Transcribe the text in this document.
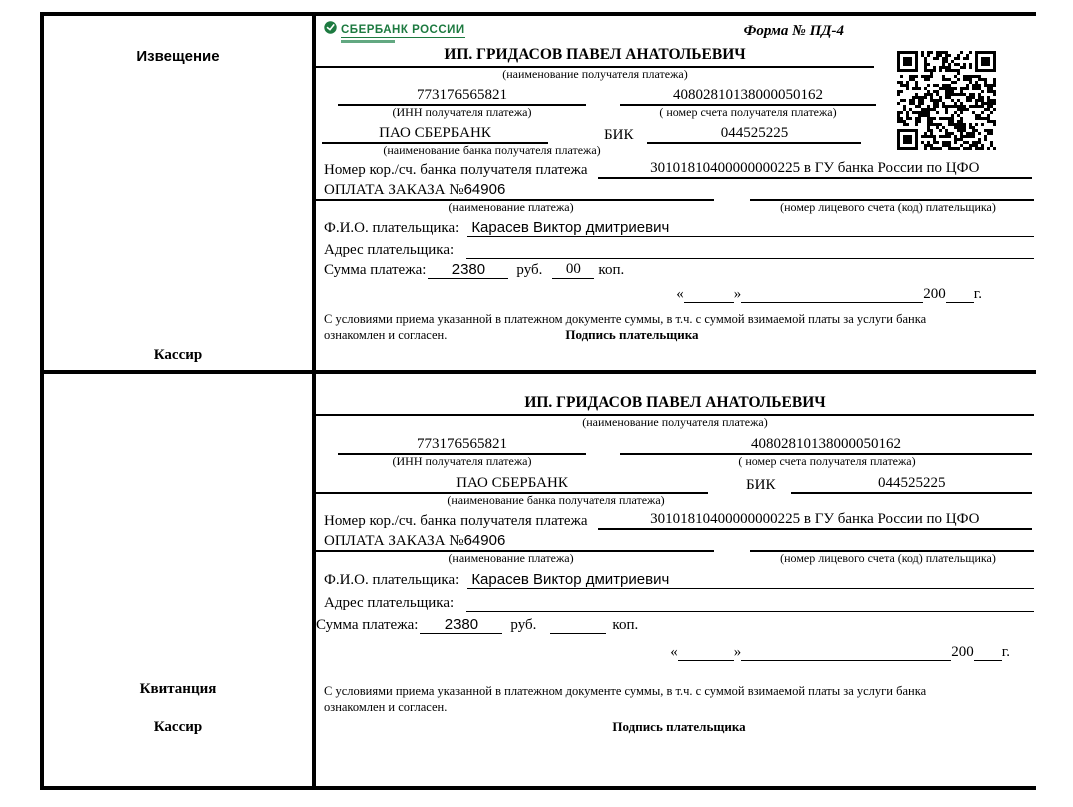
Извещение
Кассир
СБЕРБАНК РОССИИ	Форма № ПД-4
ИП. ГРИДАСОВ ПАВЕЛ АНАТОЛЬЕВИЧ
(наименование получателя платежа)
773176565821	40802810138000050162
(ИНН получателя платежа)	( номер счета получателя платежа)
ПАО СБЕРБАНК	БИК	044525225
(наименование банка получателя платежа)
Номер кор./сч. банка получателя платежа	30101810400000000225 в ГУ банка России по ЦФО
ОПЛАТА ЗАКАЗА №64906
(наименование платежа)	(номер лицевого счета (код) плательщика)
Ф.И.О. плательщика: Карасев Виктор дмитриевич
Адрес плательщика:
Сумма платежа:	2380	руб.	00	коп.
«	»	200 г.
С условиями приема указанной в платежном документе суммы, в т.ч. с суммой взимаемой платы за услуги банка
ознакомлен и согласен.	Подпись плательщика
Квитанция
Кассир
ИП. ГРИДАСОВ ПАВЕЛ АНАТОЛЬЕВИЧ
(наименование получателя платежа)
773176565821	40802810138000050162
(ИНН получателя платежа)	( номер счета получателя платежа)
ПАО СБЕРБАНК	БИК	044525225
(наименование банка получателя платежа)
Номер кор./сч. банка получателя платежа	30101810400000000225 в ГУ банка России по ЦФО
ОПЛАТА ЗАКАЗА №64906
(наименование платежа)	(номер лицевого счета (код) плательщика)
Ф.И.О. плательщика: Карасев Виктор дмитриевич
Адрес плательщика:
Сумма платежа:	2380	руб.	коп.
«	»	200 г.
С условиями приема указанной в платежном документе суммы, в т.ч. с суммой взимаемой платы за услуги банка
ознакомлен и согласен.
Подпись плательщика
